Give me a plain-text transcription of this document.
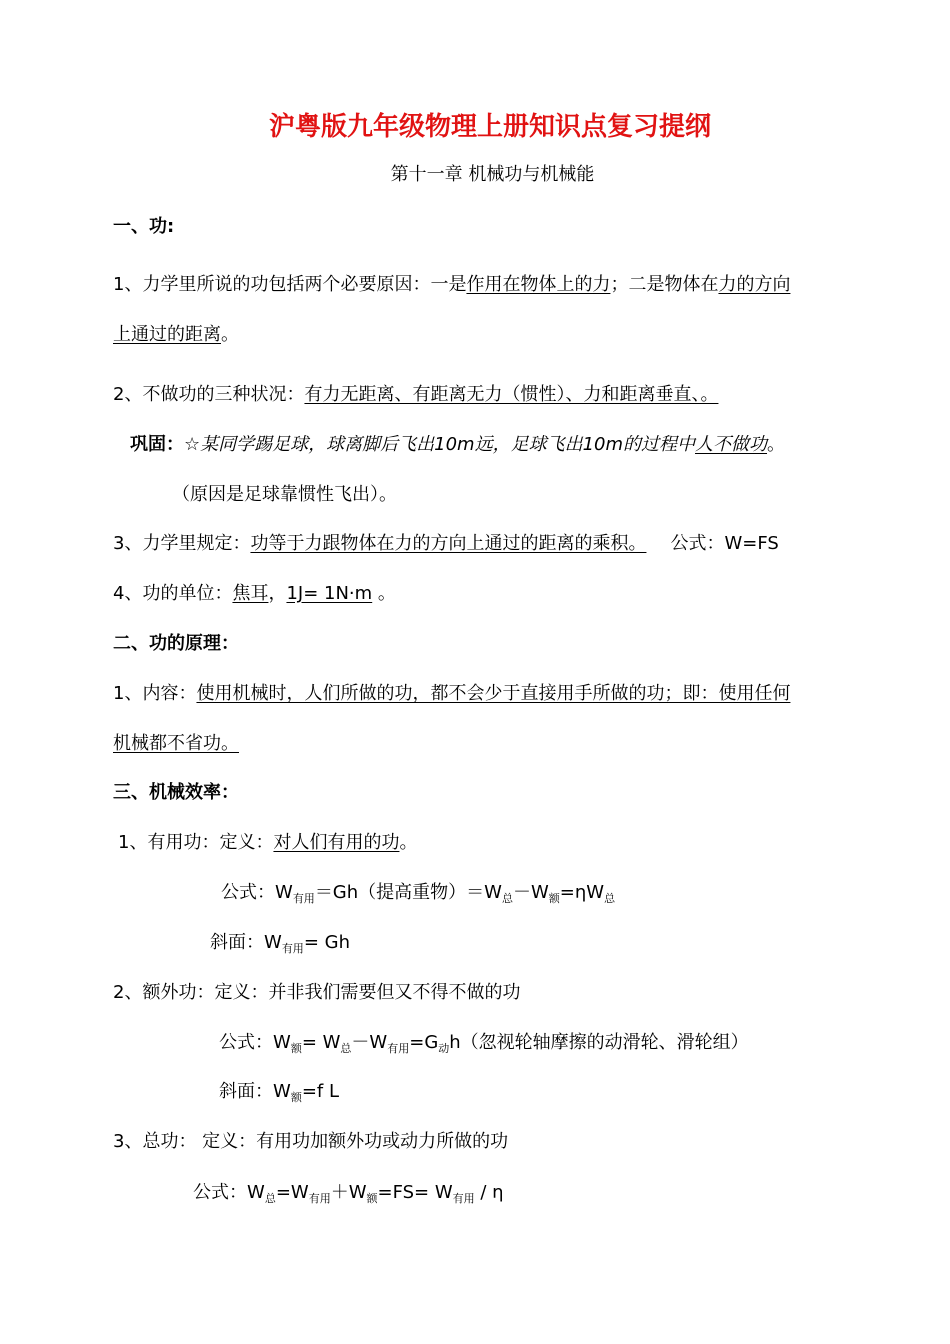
沪粤版九年级物理上册知识点复习提纲
第十一章 机械功与机械能
一、功:
1、力学里所说的功包括两个必要原因：一是作用在物体上的力；二是物体在力的方向
上通过的距离。
2、不做功的三种状况：有力无距离、有距离无力（惯性）、力和距离垂直、。
巩固：☆某同学踢足球，球离脚后飞出10m远，足球飞出10m的过程中人不做功。
（原因是足球靠惯性飞出）。
3、力学里规定：功等于力跟物体在力的方向上通过的距离的乘积。 公式：W=FS
4、功的单位：焦耳，1J= 1N·m 。
二、功的原理：
1、内容：使用机械时，人们所做的功，都不会少于直接用手所做的功；即：使用任何
机械都不省功。
三、机械效率：
1、有用功：定义：对人们有用的功。
公式：$W_{有用}=Gh$（提高重物）$=W_总-W_额=\eta W_总$
斜面：$W_{有用}= Gh$
2、额外功：定义：并非我们需要但又不得不做的功
公式：$W_额= W_总-W_{有用}=G_动h$（忽视轮轴摩擦的动滑轮、滑轮组）
斜面：$W_额=f$ L
3、总功： 定义：有用功加额外功或动力所做的功
公式：$W_总=W_{有用}+W_额=FS= W_{有用} / \eta$
